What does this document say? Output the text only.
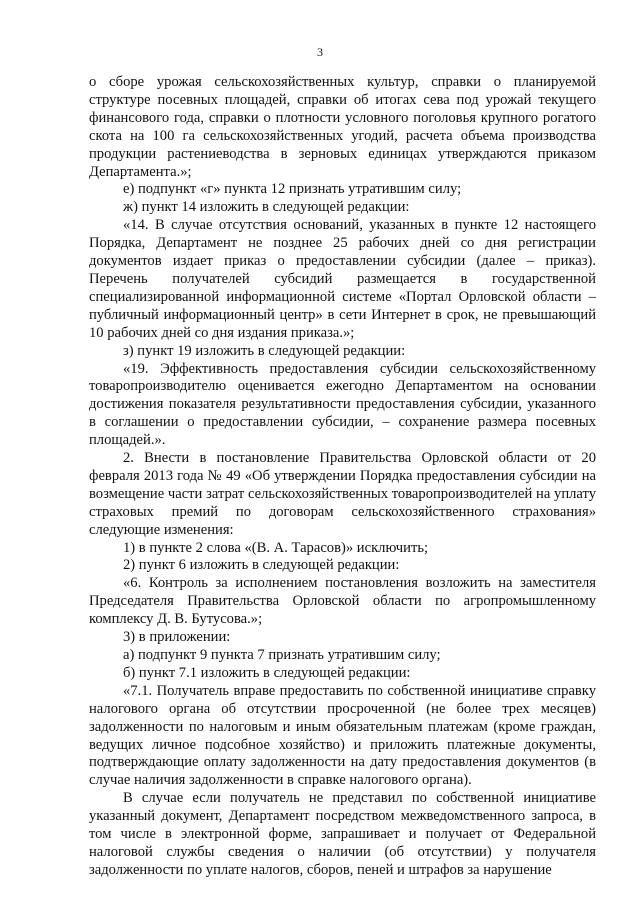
3

о сборе урожая сельскохозяйственных культур, справки о планируемой структуре посевных площадей, справки об итогах сева под урожай текущего финансового года, справки о плотности условного поголовья крупного рогатого скота на 100 га сельскохозяйственных угодий, расчета объема производства продукции растениеводства в зерновых единицах утверждаются приказом Департамента.»;

е) подпункт «г» пункта 12 признать утратившим силу;

ж) пункт 14 изложить в следующей редакции:

«14. В случае отсутствия оснований, указанных в пункте 12 настоящего Порядка, Департамент не позднее 25 рабочих дней со дня регистрации документов издает приказ о предоставлении субсидии (далее – приказ). Перечень получателей субсидий размещается в государственной специализированной информационной системе «Портал Орловской области – публичный информационный центр» в сети Интернет в срок, не превышающий 10 рабочих дней со дня издания приказа.»;

з) пункт 19 изложить в следующей редакции:

«19. Эффективность предоставления субсидии сельскохозяйственному товаропроизводителю оценивается ежегодно Департаментом на основании достижения показателя результативности предоставления субсидии, указанного в соглашении о предоставлении субсидии, – сохранение размера посевных площадей.».

2. Внести в постановление Правительства Орловской области от 20 февраля 2013 года № 49 «Об утверждении Порядка предоставления субсидии на возмещение части затрат сельскохозяйственных товаропроизводителей на уплату страховых премий по договорам сельскохозяйственного страхования» следующие изменения:

1) в пункте 2 слова «(В. А. Тарасов)» исключить;

2) пункт 6 изложить в следующей редакции:

«6. Контроль за исполнением постановления возложить на заместителя Председателя Правительства Орловской области по агропромышленному комплексу Д. В. Бутусова.»;

3) в приложении:

а) подпункт 9 пункта 7 признать утратившим силу;

б) пункт 7.1 изложить в следующей редакции:

«7.1. Получатель вправе предоставить по собственной инициативе справку налогового органа об отсутствии просроченной (не более трех месяцев) задолженности по налоговым и иным обязательным платежам (кроме граждан, ведущих личное подсобное хозяйство) и приложить платежные документы, подтверждающие оплату задолженности на дату предоставления документов (в случае наличия задолженности в справке налогового органа).

В случае если получатель не представил по собственной инициативе указанный документ, Департамент посредством межведомственного запроса, в том числе в электронной форме, запрашивает и получает от Федеральной налоговой службы сведения о наличии (об отсутствии) у получателя задолженности по уплате налогов, сборов, пеней и штрафов за нарушение
